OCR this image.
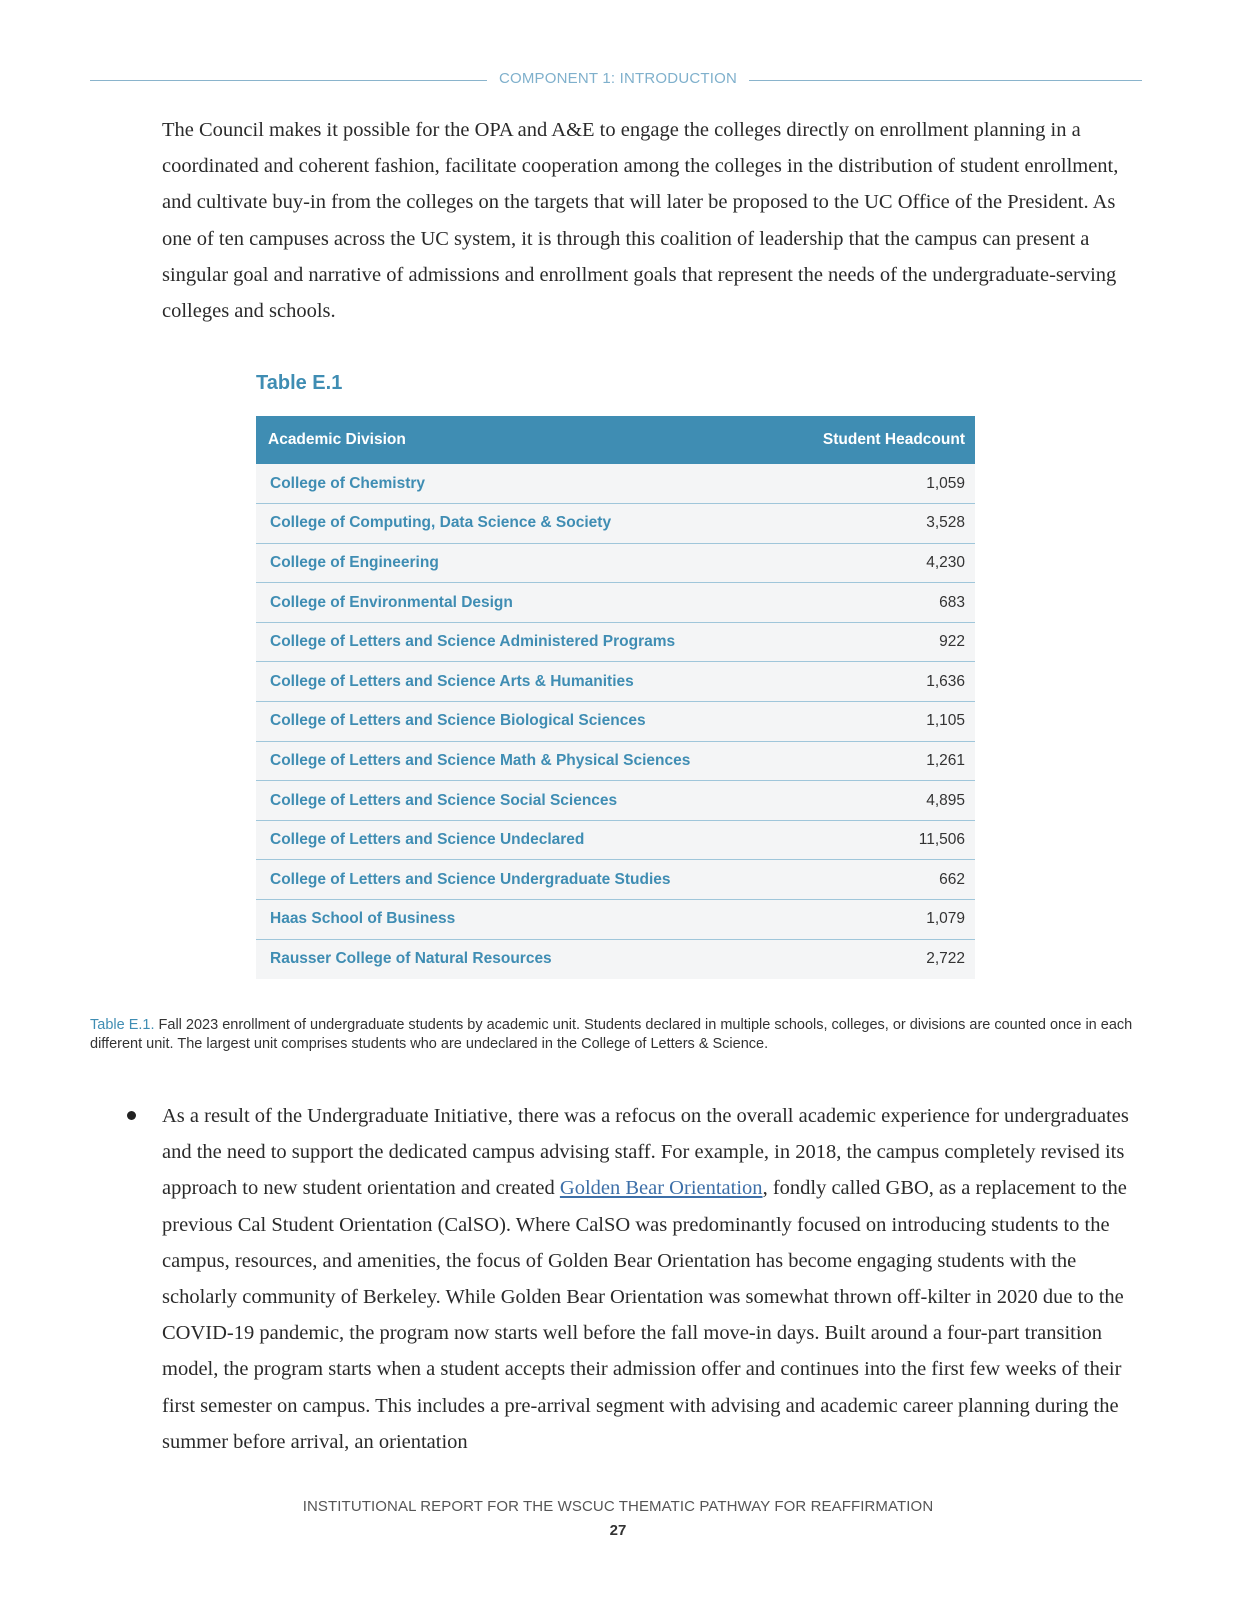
COMPONENT 1: INTRODUCTION

The Council makes it possible for the OPA and A&E to engage the colleges directly on enrollment planning in a coordinated and coherent fashion, facilitate cooperation among the colleges in the distribution of student enrollment, and cultivate buy-in from the colleges on the targets that will later be proposed to the UC Office of the President. As one of ten campuses across the UC system, it is through this coalition of leadership that the campus can present a singular goal and narrative of admissions and enrollment goals that represent the needs of the undergraduate-serving colleges and schools.

Table E.1
Academic Division	Student Headcount
College of Chemistry	1,059
College of Computing, Data Science & Society	3,528
College of Engineering	4,230
College of Environmental Design	683
College of Letters and Science Administered Programs	922
College of Letters and Science Arts & Humanities	1,636
College of Letters and Science Biological Sciences	1,105
College of Letters and Science Math & Physical Sciences	1,261
College of Letters and Science Social Sciences	4,895
College of Letters and Science Undeclared	11,506
College of Letters and Science Undergraduate Studies	662
Haas School of Business	1,079
Rausser College of Natural Resources	2,722

Table E.1. Fall 2023 enrollment of undergraduate students by academic unit. Students declared in multiple schools, colleges, or divisions are counted once in each different unit. The largest unit comprises students who are undeclared in the College of Letters & Science.

As a result of the Undergraduate Initiative, there was a refocus on the overall academic experience for undergraduates and the need to support the dedicated campus advising staff. For example, in 2018, the campus completely revised its approach to new student orientation and created Golden Bear Orientation, fondly called GBO, as a replacement to the previous Cal Student Orientation (CalSO). Where CalSO was predominantly focused on introducing students to the campus, resources, and amenities, the focus of Golden Bear Orientation has become engaging students with the scholarly community of Berkeley. While Golden Bear Orientation was somewhat thrown off-kilter in 2020 due to the COVID-19 pandemic, the program now starts well before the fall move-in days. Built around a four-part transition model, the program starts when a student accepts their admission offer and continues into the first few weeks of their first semester on campus. This includes a pre-arrival segment with advising and academic career planning during the summer before arrival, an orientation

INSTITUTIONAL REPORT FOR THE WSCUC THEMATIC PATHWAY FOR REAFFIRMATION
27
